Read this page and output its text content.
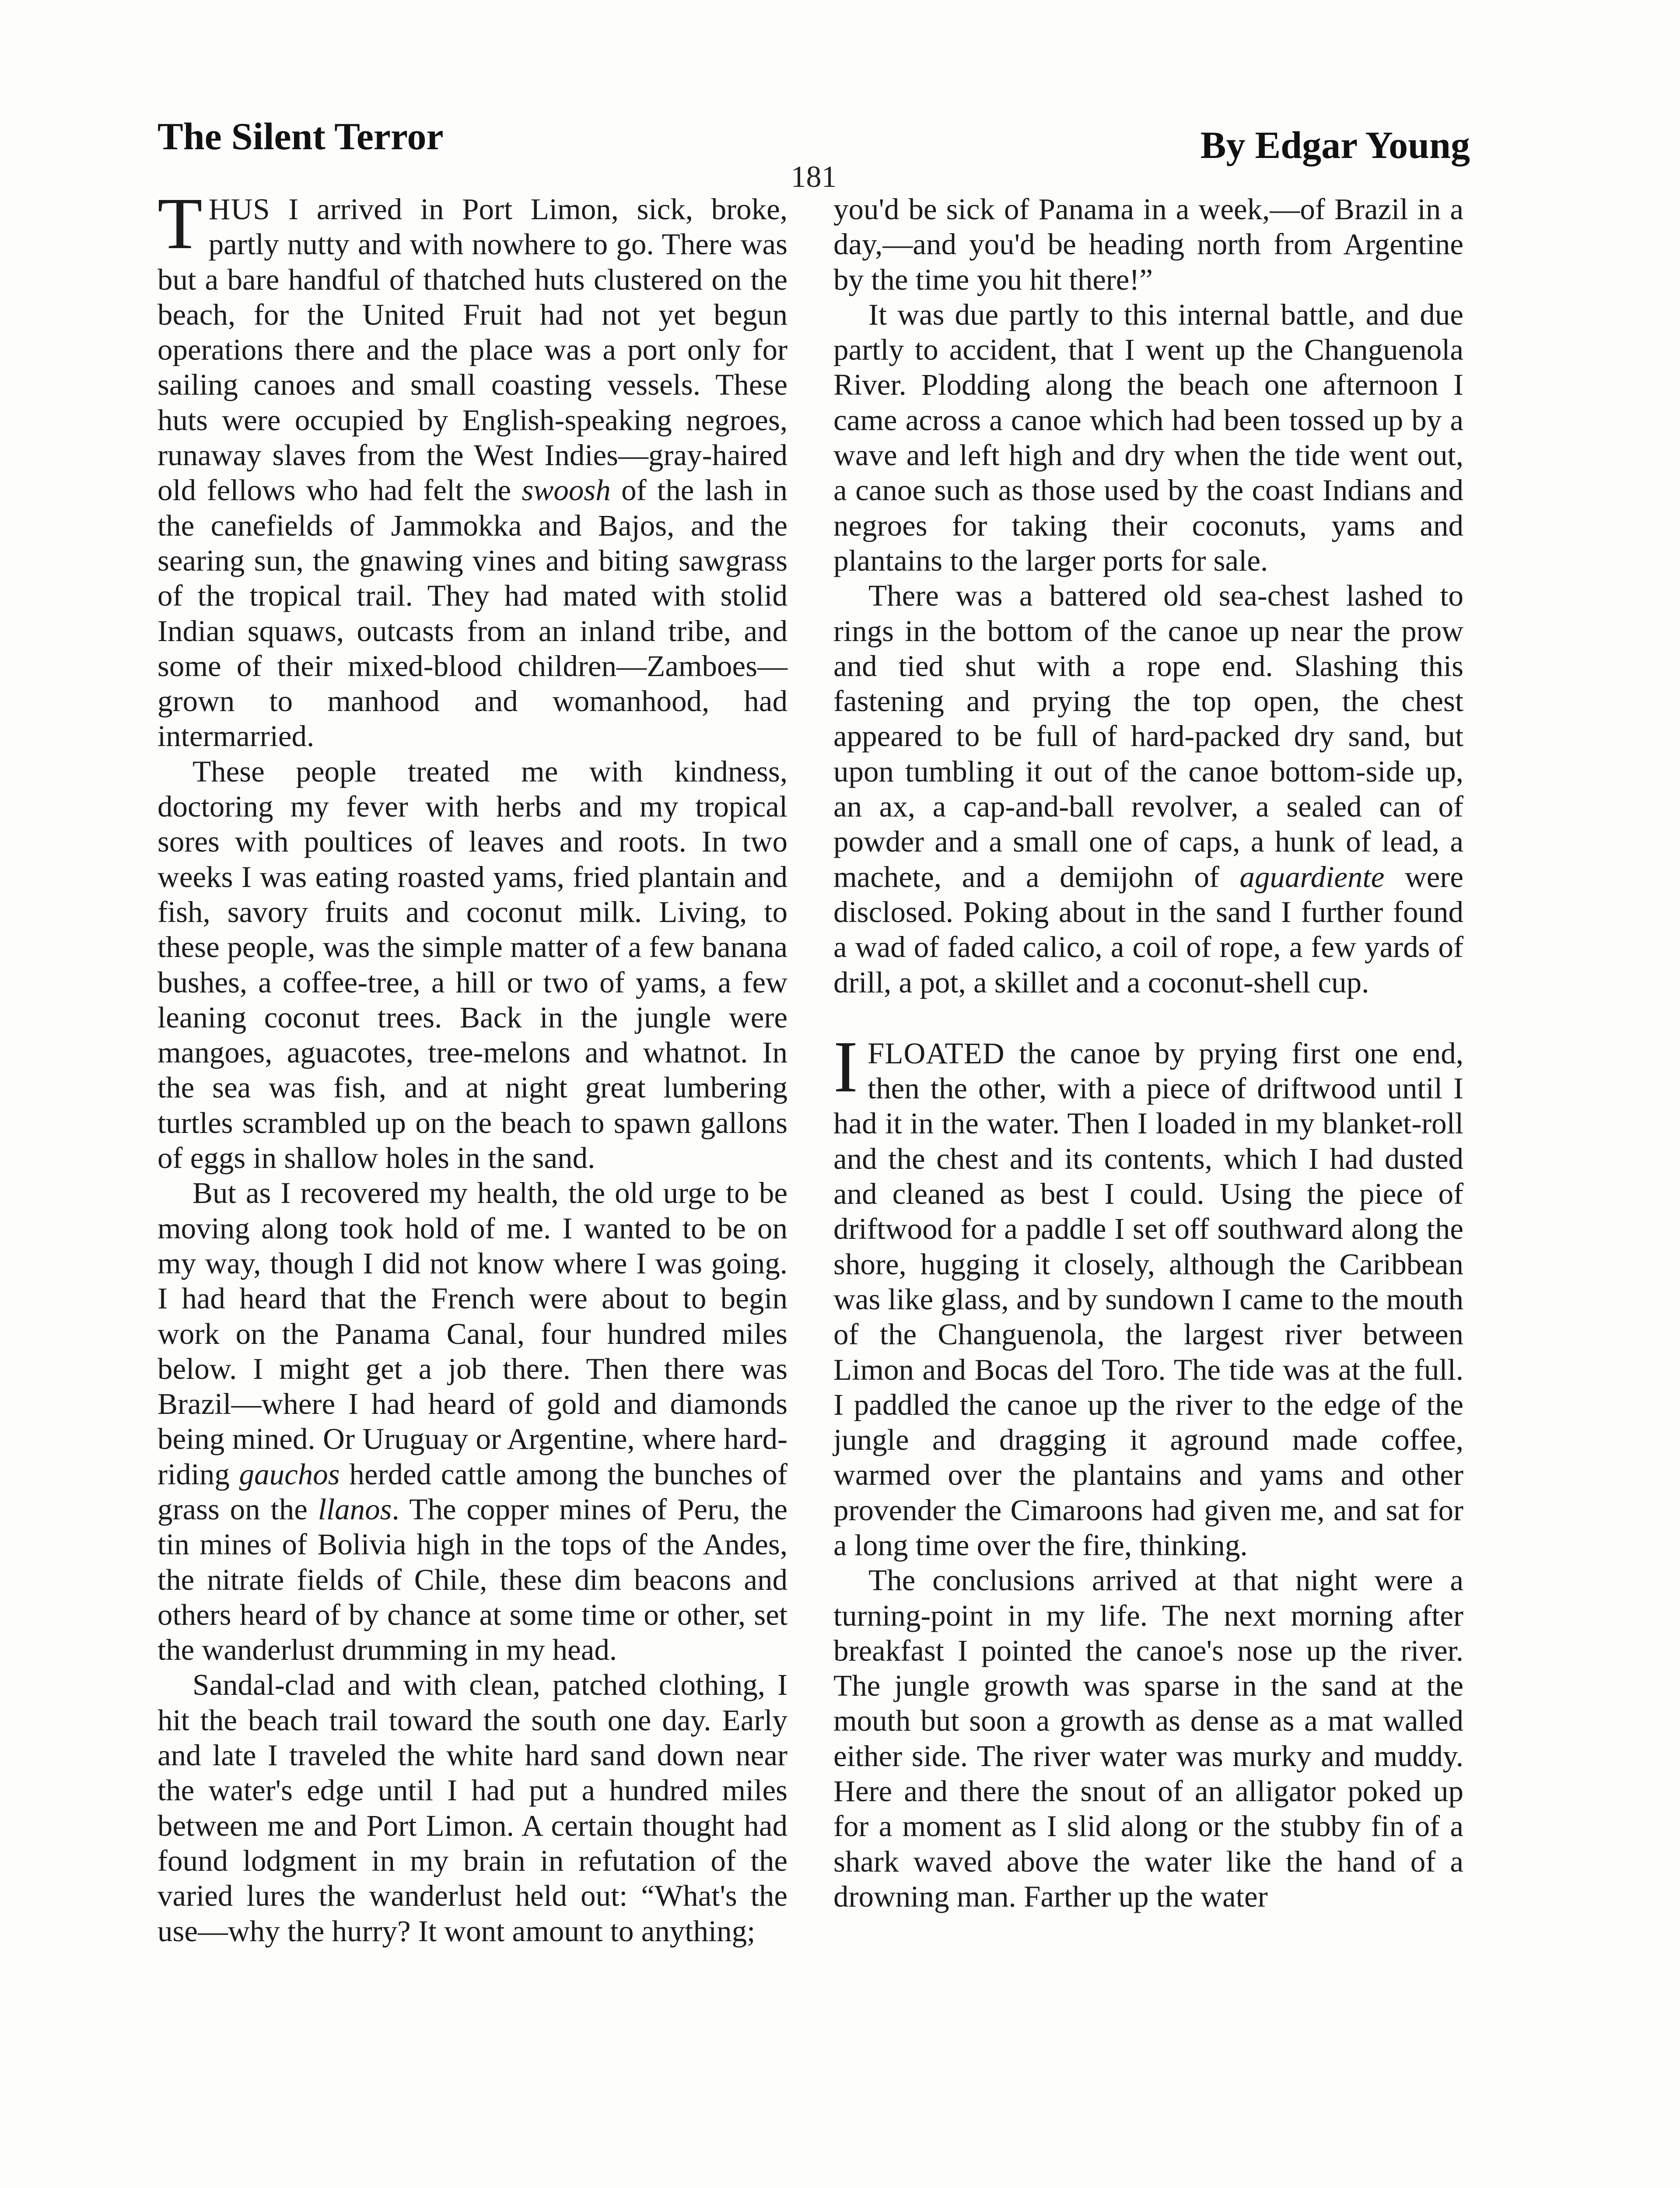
The Silent Terror	By Edgar Young
181

THUS I arrived in Port Limon, sick, broke, partly nutty and with nowhere to go. There was but a bare handful of thatched huts clustered on the beach, for the United Fruit had not yet begun operations there and the place was a port only for sailing canoes and small coasting vessels. These huts were occupied by English-speaking negroes, runaway slaves from the West Indies—gray-haired old fellows who had felt the swoosh of the lash in the canefields of Jammokka and Bajos, and the searing sun, the gnawing vines and biting sawgrass of the tropical trail. They had mated with stolid Indian squaws, outcasts from an inland tribe, and some of their mixed-blood children—Zamboes—grown to manhood and womanhood, had intermarried.

These people treated me with kindness, doctoring my fever with herbs and my tropical sores with poultices of leaves and roots. In two weeks I was eating roasted yams, fried plantain and fish, savory fruits and coconut milk. Living, to these people, was the simple matter of a few banana bushes, a coffee-tree, a hill or two of yams, a few leaning coconut trees. Back in the jungle were mangoes, aguacotes, tree-melons and whatnot. In the sea was fish, and at night great lumbering turtles scrambled up on the beach to spawn gallons of eggs in shallow holes in the sand.

But as I recovered my health, the old urge to be moving along took hold of me. I wanted to be on my way, though I did not know where I was going. I had heard that the French were about to begin work on the Panama Canal, four hundred miles below. I might get a job there. Then there was Brazil—where I had heard of gold and diamonds being mined. Or Uruguay or Argentine, where hard-riding gauchos herded cattle among the bunches of grass on the llanos. The copper mines of Peru, the tin mines of Bolivia high in the tops of the Andes, the nitrate fields of Chile, these dim beacons and others heard of by chance at some time or other, set the wanderlust drumming in my head.

Sandal-clad and with clean, patched clothing, I hit the beach trail toward the south one day. Early and late I traveled the white hard sand down near the water's edge until I had put a hundred miles between me and Port Limon. A certain thought had found lodgment in my brain in refutation of the varied lures the wanderlust held out: “What's the use—why the hurry? It wont amount to anything;

you'd be sick of Panama in a week,—of Brazil in a day,—and you'd be heading north from Argentine by the time you hit there!”

It was due partly to this internal battle, and due partly to accident, that I went up the Changuenola River. Plodding along the beach one afternoon I came across a canoe which had been tossed up by a wave and left high and dry when the tide went out, a canoe such as those used by the coast Indians and negroes for taking their coconuts, yams and plantains to the larger ports for sale.

There was a battered old sea-chest lashed to rings in the bottom of the canoe up near the prow and tied shut with a rope end. Slashing this fastening and prying the top open, the chest appeared to be full of hard-packed dry sand, but upon tumbling it out of the canoe bottom-side up, an ax, a cap-and-ball revolver, a sealed can of powder and a small one of caps, a hunk of lead, a machete, and a demijohn of aguardiente were disclosed. Poking about in the sand I further found a wad of faded calico, a coil of rope, a few yards of drill, a pot, a skillet and a coconut-shell cup.

IFLOATED the canoe by prying first one end, then the other, with a piece of driftwood until I had it in the water. Then I loaded in my blanket-roll and the chest and its contents, which I had dusted and cleaned as best I could. Using the piece of driftwood for a paddle I set off southward along the shore, hugging it closely, although the Caribbean was like glass, and by sundown I came to the mouth of the Changuenola, the largest river between Limon and Bocas del Toro. The tide was at the full. I paddled the canoe up the river to the edge of the jungle and dragging it aground made coffee, warmed over the plantains and yams and other provender the Cimaroons had given me, and sat for a long time over the fire, thinking.

The conclusions arrived at that night were a turning-point in my life. The next morning after breakfast I pointed the canoe's nose up the river. The jungle growth was sparse in the sand at the mouth but soon a growth as dense as a mat walled either side. The river water was murky and muddy. Here and there the snout of an alligator poked up for a moment as I slid along or the stubby fin of a shark waved above the water like the hand of a drowning man. Farther up the water
